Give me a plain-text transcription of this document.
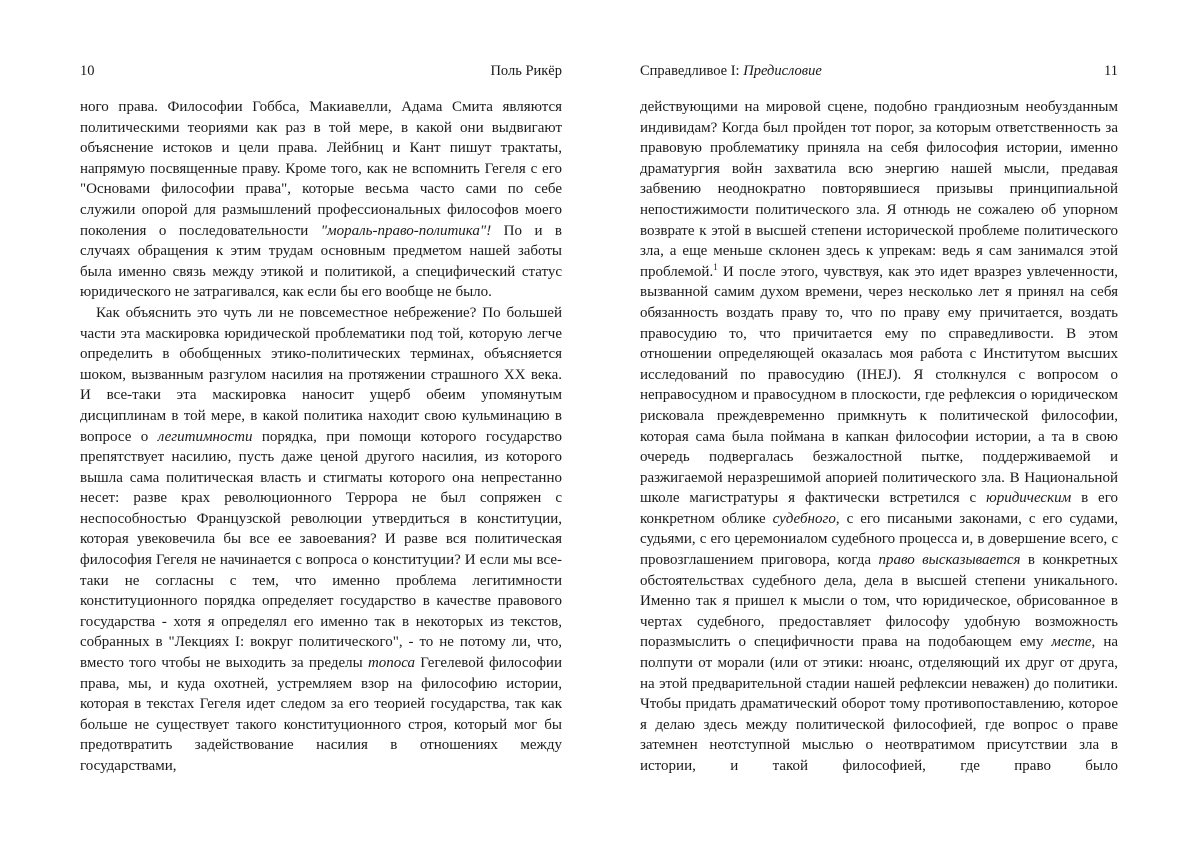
10	Поль Рикёр

ного права. Философии Гоббса, Макиавелли, Адама Смита являются политическими теориями как раз в той мере, в какой они выдвигают объяснение истоков и цели права. Лейбниц и Кант пишут трактаты, напрямую посвященные праву. Кроме того, как не вспомнить Гегеля с его "Основами философии права", которые весьма часто сами по себе служили опорой для размышлений профессиональных философов моего поколения о последовательности "мораль-право-политика"! По и в случаях обращения к этим трудам основным предметом нашей заботы была именно связь между этикой и политикой, а специфический статус юридического не затрагивался, как если бы его вообще не было.

Как объяснить это чуть ли не повсеместное небрежение? По большей части эта маскировка юридической проблематики под той, которую легче определить в обобщенных этико-политических терминах, объясняется шоком, вызванным разгулом насилия на протяжении страшного XX века. И все-таки эта маскировка наносит ущерб обеим упомянутым дисциплинам в той мере, в какой политика находит свою кульминацию в вопросе о легитимности порядка, при помощи которого государство препятствует насилию, пусть даже ценой другого насилия, из которого вышла сама политическая власть и стигматы которого она непрестанно несет: разве крах революционного Террора не был сопряжен с неспособностью Французской революции утвердиться в конституции, которая увековечила бы все ее завоевания? И разве вся политическая философия Гегеля не начинается с вопроса о конституции? И если мы все-таки не согласны с тем, что именно проблема легитимности конституционного порядка определяет государство в качестве правового государства - хотя я определял его именно так в некоторых из текстов, собранных в "Лекциях I: вокруг политического", - то не потому ли, что, вместо того чтобы не выходить за пределы топоса Гегелевой философии права, мы, и куда охотней, устремляем взор на философию истории, которая в текстах Гегеля идет следом за его теорией государства, так как больше не существует такого конституционного строя, который мог бы предотвратить задействование насилия в отношениях между государствами,

Справедливое I: Предисловие	11

действующими на мировой сцене, подобно грандиозным необузданным индивидам? Когда был пройден тот порог, за которым ответственность за правовую проблематику приняла на себя философия истории, именно драматургия войн захватила всю энергию нашей мысли, предавая забвению неоднократно повторявшиеся призывы принципиальной непостижимости политического зла. Я отнюдь не сожалею об упорном возврате к этой в высшей степени исторической проблеме политического зла, а еще меньше склонен здесь к упрекам: ведь я сам занимался этой проблемой.$^1$ И после этого, чувствуя, как это идет вразрез увлеченности, вызванной самим духом времени, через несколько лет я принял на себя обязанность воздать праву то, что по праву ему причитается, воздать правосудию то, что причитается ему по справедливости. В этом отношении определяющей оказалась моя работа с Институтом высших исследований по правосудию (IHEJ). Я столкнулся с вопросом о неправосудном и правосудном в плоскости, где рефлексия о юридическом рисковала преждевременно примкнуть к политической философии, которая сама была поймана в капкан философии истории, а та в свою очередь подвергалась безжалостной пытке, поддерживаемой и разжигаемой неразрешимой апорией политического зла. В Национальной школе магистратуры я фактически встретился с юридическим в его конкретном облике судебного, с его писаными законами, с его судами, судьями, с его церемониалом судебного процесса и, в довершение всего, с провозглашением приговора, когда право высказывается в конкретных обстоятельствах судебного дела, дела в высшей степени уникального. Именно так я пришел к мысли о том, что юридическое, обрисованное в чертах судебного, предоставляет философу удобную возможность поразмыслить о специфичности права на подобающем ему месте, на полпути от морали (или от этики: нюанс, отделяющий их друг от друга, на этой предварительной стадии нашей рефлексии неважен) до политики. Чтобы придать драматический оборот тому противопоставлению, которое я делаю здесь между политической философией, где вопрос о праве затемнен неотступной мыслью о неотвратимом присутствии зла в истории, и такой философией, где право было
